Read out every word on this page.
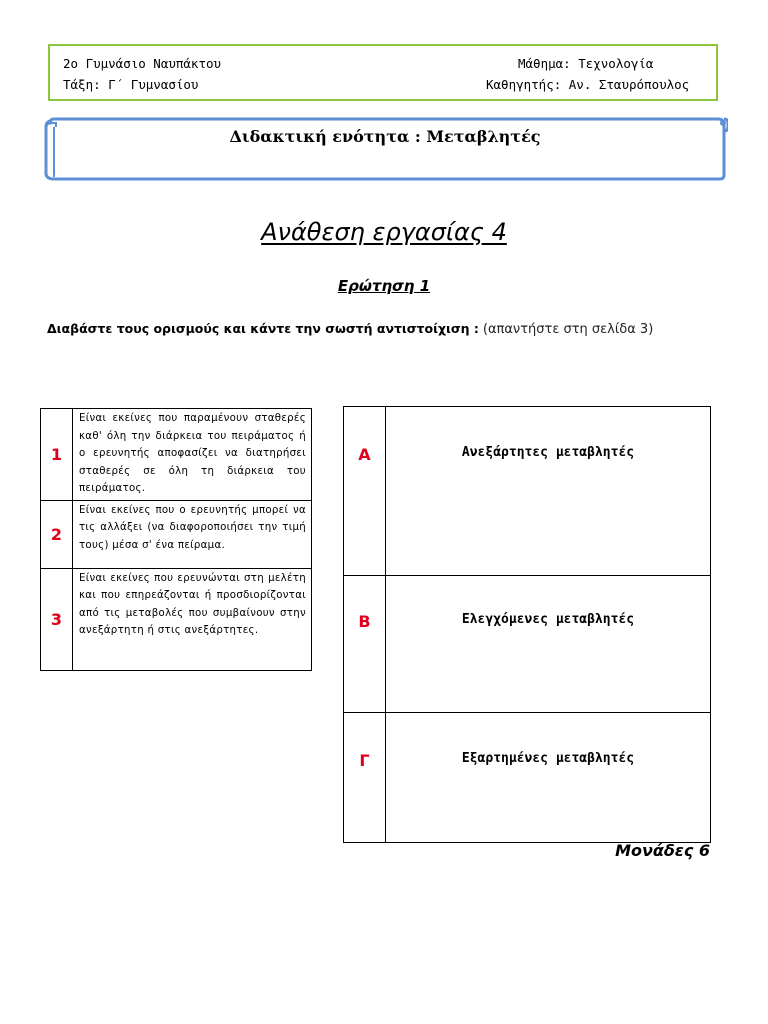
2ο Γυμνάσιο Ναυπάκτου
Τάξη: Γ΄ Γυμνασίου
Μάθημα: Τεχνολογία
Καθηγητής: Αν. Σταυρόπουλος
Διδακτική ενότητα : Μεταβλητές
Ανάθεση εργασίας 4
Ερώτηση 1
Διαβάστε τους ορισμούς και κάντε την σωστή αντιστοίχιση : (απαντήστε στη σελίδα 3)
1	Είναι εκείνες που παραμένουν σταθερές καθ' όλη την διάρκεια του πειράματος ή ο ερευνητής αποφασίζει να διατηρήσει σταθερές σε όλη τη διάρκεια του πειράματος.
2	Είναι εκείνες που ο ερευνητής μπορεί να τις αλλάξει (να διαφοροποιήσει την τιμή τους) μέσα σ' ένα πείραμα.
3	Είναι εκείνες που ερευνώνται στη μελέτη και που επηρεάζονται ή προσδιορίζονται από τις μεταβολές που συμβαίνουν στην ανεξάρτητη ή στις ανεξάρτητες.
Α	Ανεξάρτητες μεταβλητές
Β	Ελεγχόμενες μεταβλητές
Γ	Εξαρτημένες μεταβλητές
Μονάδες 6
